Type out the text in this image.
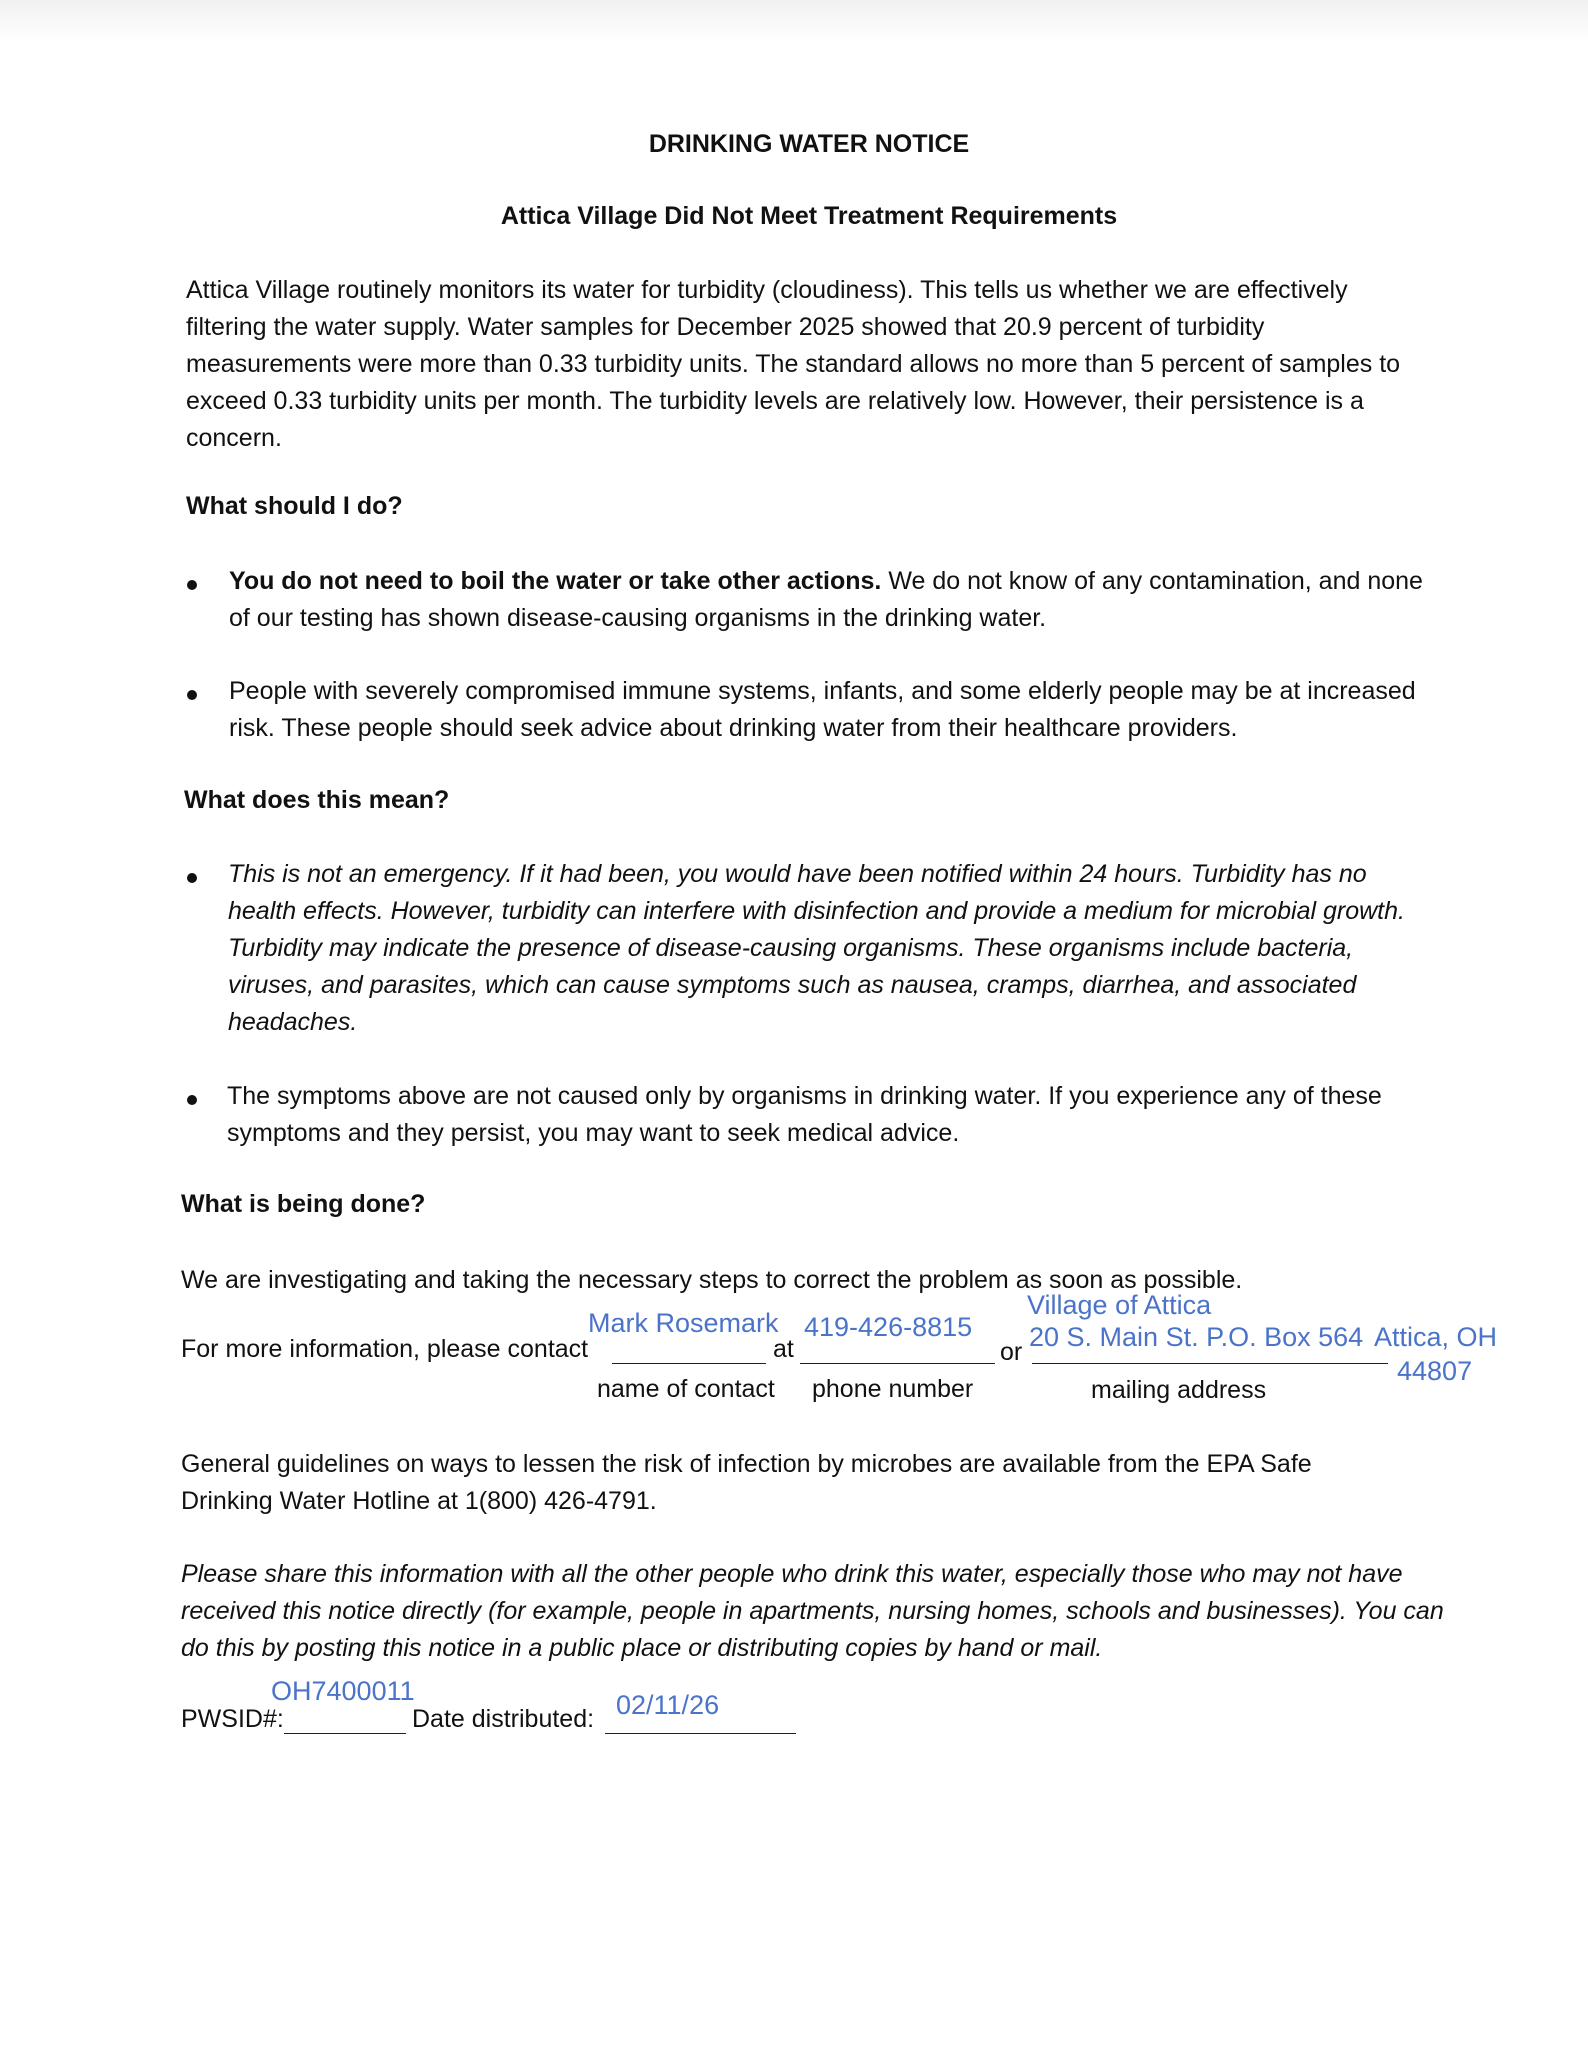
DRINKING WATER NOTICE
Attica Village Did Not Meet Treatment Requirements

Attica Village routinely monitors its water for turbidity (cloudiness). This tells us whether we are effectively filtering the water supply. Water samples for December 2025 showed that 20.9 percent of turbidity measurements were more than 0.33 turbidity units. The standard allows no more than 5 percent of samples to exceed 0.33 turbidity units per month. The turbidity levels are relatively low. However, their persistence is a concern.

What should I do?

You do not need to boil the water or take other actions. We do not know of any contamination, and none of our testing has shown disease-causing organisms in the drinking water.

People with severely compromised immune systems, infants, and some elderly people may be at increased risk. These people should seek advice about drinking water from their healthcare providers.

What does this mean?

This is not an emergency. If it had been, you would have been notified within 24 hours. Turbidity has no health effects. However, turbidity can interfere with disinfection and provide a medium for microbial growth. Turbidity may indicate the presence of disease-causing organisms. These organisms include bacteria, viruses, and parasites, which can cause symptoms such as nausea, cramps, diarrhea, and associated headaches.

The symptoms above are not caused only by organisms in drinking water. If you experience any of these symptoms and they persist, you may want to seek medical advice.

What is being done?

We are investigating and taking the necessary steps to correct the problem as soon as possible.

For more information, please contact	at	or
Mark Rosemark 419-426-8815
Village of Attica
20 S. Main St. P.O. Box 564 Attica, OH
44807
name of contact phone number	mailing address

General guidelines on ways to lessen the risk of infection by microbes are available from the EPA Safe Drinking Water Hotline at 1(800) 426-4791.

Please share this information with all the other people who drink this water, especially those who may not have received this notice directly (for example, people in apartments, nursing homes, schools and businesses). You can do this by posting this notice in a public place or distributing copies by hand or mail.

PWSID#:
OH7400011
Date distributed: 02/11/26
